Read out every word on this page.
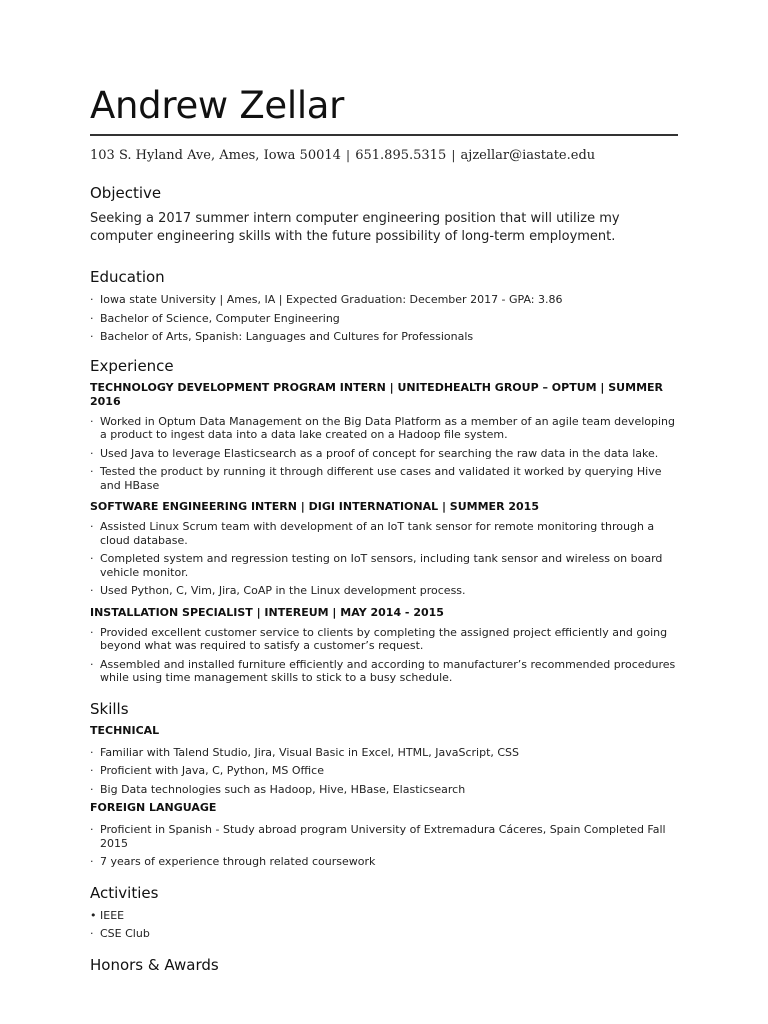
Andrew Zellar
103 S. Hyland Ave, Ames, Iowa 50014 | 651.895.5315 | ajzellar@iastate.edu
Objective
Seeking a 2017 summer intern computer engineering position that will utilize my computer engineering skills with the future possibility of long-term employment.
Education
· Iowa state University | Ames, IA | Expected Graduation: December 2017 - GPA: 3.86
· Bachelor of Science, Computer Engineering
· Bachelor of Arts, Spanish: Languages and Cultures for Professionals
Experience
TECHNOLOGY DEVELOPMENT PROGRAM INTERN | UNITEDHEALTH GROUP – OPTUM | SUMMER 2016
· Worked in Optum Data Management on the Big Data Platform as a member of an agile team developing a product to ingest data into a data lake created on a Hadoop file system.
· Used Java to leverage Elasticsearch as a proof of concept for searching the raw data in the data lake.
· Tested the product by running it through different use cases and validated it worked by querying Hive and HBase
SOFTWARE ENGINEERING INTERN | DIGI INTERNATIONAL | SUMMER 2015
· Assisted Linux Scrum team with development of an IoT tank sensor for remote monitoring through a cloud database.
· Completed system and regression testing on IoT sensors, including tank sensor and wireless on board vehicle monitor.
· Used Python, C, Vim, Jira, CoAP in the Linux development process.
INSTALLATION SPECIALIST | INTEREUM | MAY 2014 - 2015
· Provided excellent customer service to clients by completing the assigned project efficiently and going beyond what was required to satisfy a customer’s request.
· Assembled and installed furniture efficiently and according to manufacturer’s recommended procedures while using time management skills to stick to a busy schedule.
Skills
TECHNICAL
· Familiar with Talend Studio, Jira, Visual Basic in Excel, HTML, JavaScript, CSS
· Proficient with Java, C, Python, MS Office
· Big Data technologies such as Hadoop, Hive, HBase, Elasticsearch
FOREIGN LANGUAGE
· Proficient in Spanish - Study abroad program University of Extremadura Cáceres, Spain Completed Fall 2015
· 7 years of experience through related coursework
Activities
• IEEE
· CSE Club
Honors & Awards
